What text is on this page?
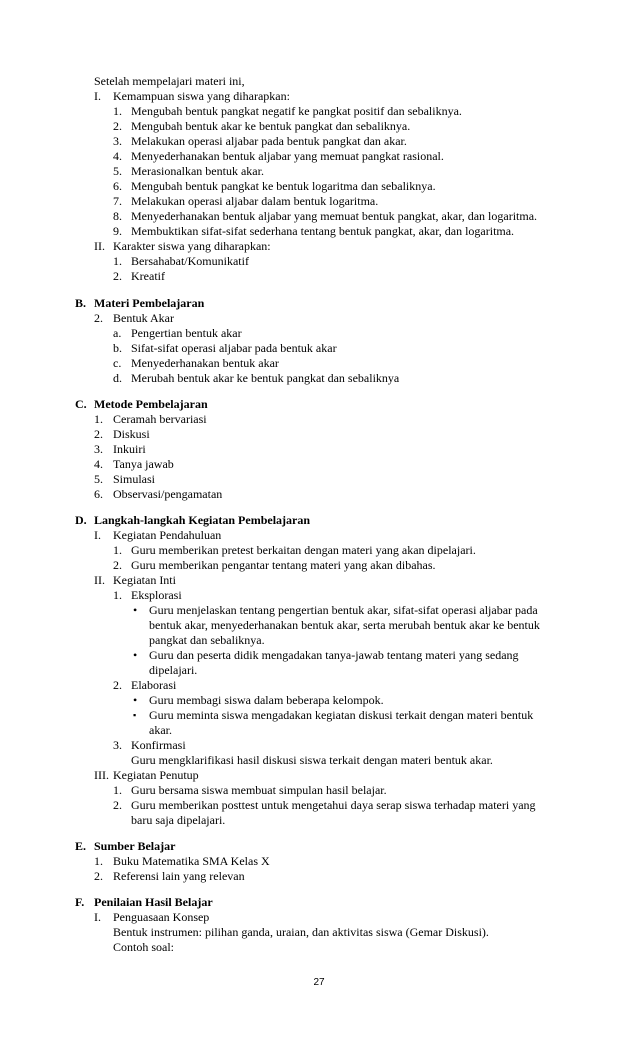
Setelah mempelajari materi ini,
I. Kemampuan siswa yang diharapkan:
1. Mengubah bentuk pangkat negatif ke pangkat positif dan sebaliknya.
2. Mengubah bentuk akar ke bentuk pangkat dan sebaliknya.
3. Melakukan operasi aljabar pada bentuk pangkat dan akar.
4. Menyederhanakan bentuk aljabar yang memuat pangkat rasional.
5. Merasionalkan bentuk akar.
6. Mengubah bentuk pangkat ke bentuk logaritma dan sebaliknya.
7. Melakukan operasi aljabar dalam bentuk logaritma.
8. Menyederhanakan bentuk aljabar yang memuat bentuk pangkat, akar, dan logaritma.
9. Membuktikan sifat-sifat sederhana tentang bentuk pangkat, akar, dan logaritma.
II. Karakter siswa yang diharapkan:
1. Bersahabat/Komunikatif
2. Kreatif
B. Materi Pembelajaran
2. Bentuk Akar
a. Pengertian bentuk akar
b. Sifat-sifat operasi aljabar pada bentuk akar
c. Menyederhanakan bentuk akar
d. Merubah bentuk akar ke bentuk pangkat dan sebaliknya
C. Metode Pembelajaran
1. Ceramah bervariasi
2. Diskusi
3. Inkuiri
4. Tanya jawab
5. Simulasi
6. Observasi/pengamatan
D. Langkah-langkah Kegiatan Pembelajaran
I. Kegiatan Pendahuluan
1. Guru memberikan pretest berkaitan dengan materi yang akan dipelajari.
2. Guru memberikan pengantar tentang materi yang akan dibahas.
II. Kegiatan Inti
1. Eksplorasi
• Guru menjelaskan tentang pengertian bentuk akar, sifat-sifat operasi aljabar pada
bentuk akar, menyederhanakan bentuk akar, serta merubah bentuk akar ke bentuk
pangkat dan sebaliknya.
• Guru dan peserta didik mengadakan tanya-jawab tentang materi yang sedang
dipelajari.
2. Elaborasi
• Guru membagi siswa dalam beberapa kelompok.
▪ Guru meminta siswa mengadakan kegiatan diskusi terkait dengan materi bentuk
akar.
3. Konfirmasi
Guru mengklarifikasi hasil diskusi siswa terkait dengan materi bentuk akar.
III. Kegiatan Penutup
1. Guru bersama siswa membuat simpulan hasil belajar.
2. Guru memberikan posttest untuk mengetahui daya serap siswa terhadap materi yang
baru saja dipelajari.
E. Sumber Belajar
1. Buku Matematika SMA Kelas X
2. Referensi lain yang relevan
F. Penilaian Hasil Belajar
I. Penguasaan Konsep
Bentuk instrumen: pilihan ganda, uraian, dan aktivitas siswa (Gemar Diskusi).
Contoh soal:
27
